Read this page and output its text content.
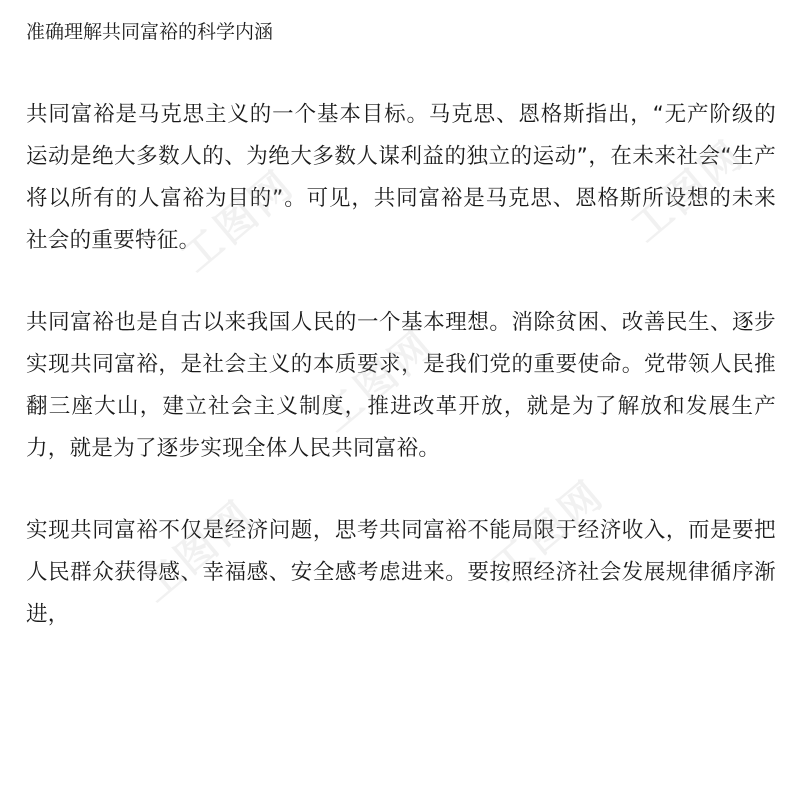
准确理解共同富裕的科学内涵

共同富裕是马克思主义的一个基本目标。马克思、恩格斯指出，“无产阶级的运动是绝大多数人的、为绝大多数人谋利益的独立的运动”，在未来社会“生产将以所有的人富裕为目的”。可见，共同富裕是马克思、恩格斯所设想的未来社会的重要特征。

共同富裕也是自古以来我国人民的一个基本理想。消除贫困、改善民生、逐步实现共同富裕，是社会主义的本质要求，是我们党的重要使命。党带领人民推翻三座大山，建立社会主义制度，推进改革开放，就是为了解放和发展生产力，就是为了逐步实现全体人民共同富裕。

实现共同富裕不仅是经济问题，思考共同富裕不能局限于经济收入，而是要把人民群众获得感、幸福感、安全感考虑进来。要按照经济社会发展规律循序渐进，

工图网
工图网
工图网	工图网
工图网
